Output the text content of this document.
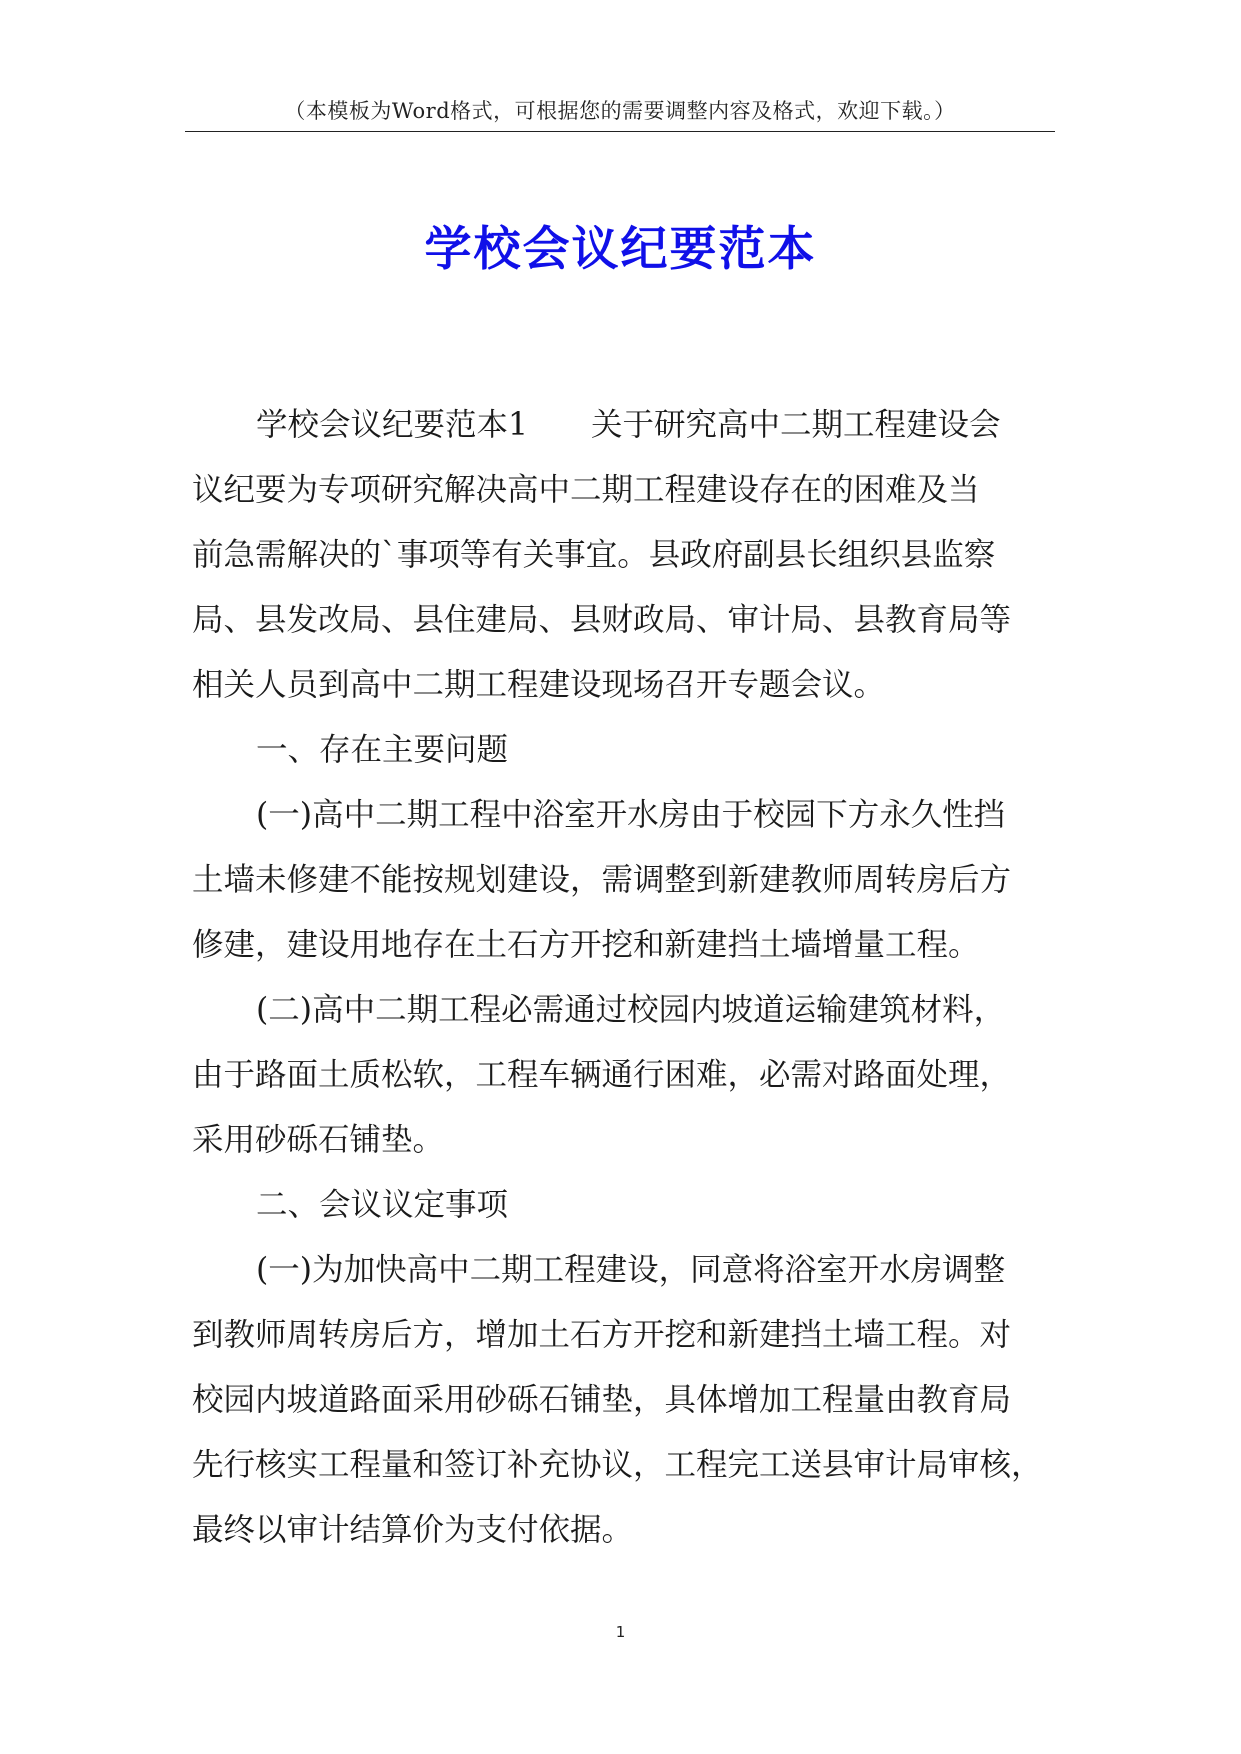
（本模板为Word格式，可根据您的需要调整内容及格式，欢迎下载。）
学校会议纪要范本

学校会议纪要范本1　　关于研究高中二期工程建设会
议纪要为专项研究解决高中二期工程建设存在的困难及当
前急需解决的`事项等有关事宜。县政府副县长组织县监察
局、县发改局、县住建局、县财政局、审计局、县教育局等
相关人员到高中二期工程建设现场召开专题会议。

一、存在主要问题

(一)高中二期工程中浴室开水房由于校园下方永久性挡
土墙未修建不能按规划建设，需调整到新建教师周转房后方
修建，建设用地存在土石方开挖和新建挡土墙增量工程。

(二)高中二期工程必需通过校园内坡道运输建筑材料，
由于路面土质松软，工程车辆通行困难，必需对路面处理，
采用砂砾石铺垫。

二、会议议定事项

(一)为加快高中二期工程建设，同意将浴室开水房调整
到教师周转房后方，增加土石方开挖和新建挡土墙工程。对
校园内坡道路面采用砂砾石铺垫，具体增加工程量由教育局
先行核实工程量和签订补充协议，工程完工送县审计局审核，
最终以审计结算价为支付依据。

1
